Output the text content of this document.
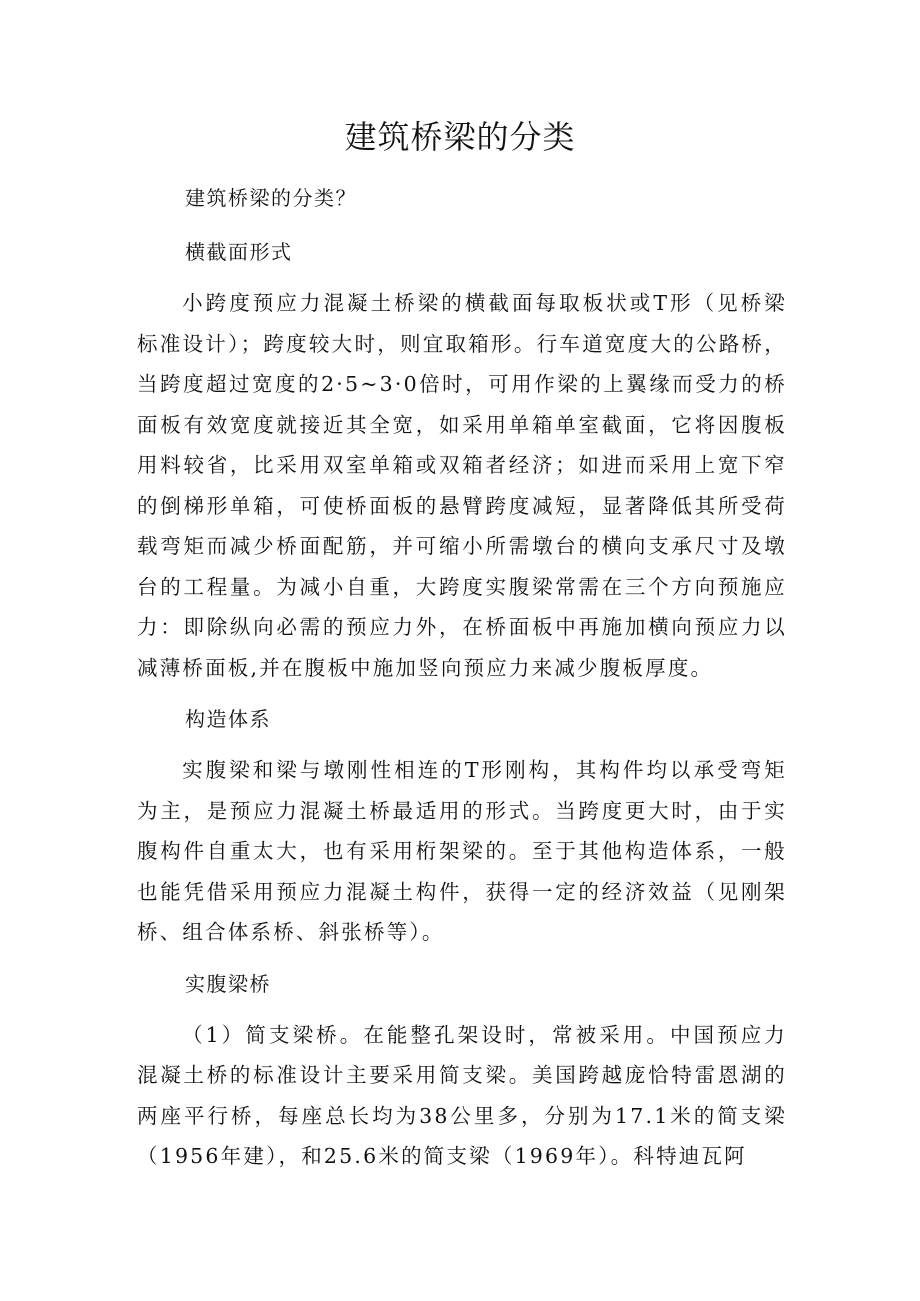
建筑桥梁的分类

建筑桥梁的分类？

横截面形式

小跨度预应力混凝土桥梁的横截面每取板状或T形（见桥梁标准设计）；跨度较大时，则宜取箱形。行车道宽度大的公路桥，当跨度超过宽度的2·5~3·0倍时，可用作梁的上翼缘而受力的桥面板有效宽度就接近其全宽，如采用单箱单室截面，它将因腹板用料较省，比采用双室单箱或双箱者经济；如进而采用上宽下窄的倒梯形单箱，可使桥面板的悬臂跨度减短，显著降低其所受荷载弯矩而减少桥面配筋，并可缩小所需墩台的横向支承尺寸及墩台的工程量。为减小自重，大跨度实腹梁常需在三个方向预施应力：即除纵向必需的预应力外，在桥面板中再施加横向预应力以减薄桥面板,并在腹板中施加竖向预应力来减少腹板厚度。

构造体系

实腹梁和梁与墩刚性相连的T形刚构，其构件均以承受弯矩为主，是预应力混凝土桥最适用的形式。当跨度更大时，由于实腹构件自重太大，也有采用桁架梁的。至于其他构造体系，一般也能凭借采用预应力混凝土构件，获得一定的经济效益（见刚架桥、组合体系桥、斜张桥等）。

实腹梁桥

（1）简支梁桥。在能整孔架设时，常被采用。中国预应力混凝土桥的标准设计主要采用简支梁。美国跨越庞恰特雷恩湖的两座平行桥，每座总长均为38公里多，分别为17.1米的简支梁（1956年建），和25.6米的简支梁（1969年）。科特迪瓦阿
